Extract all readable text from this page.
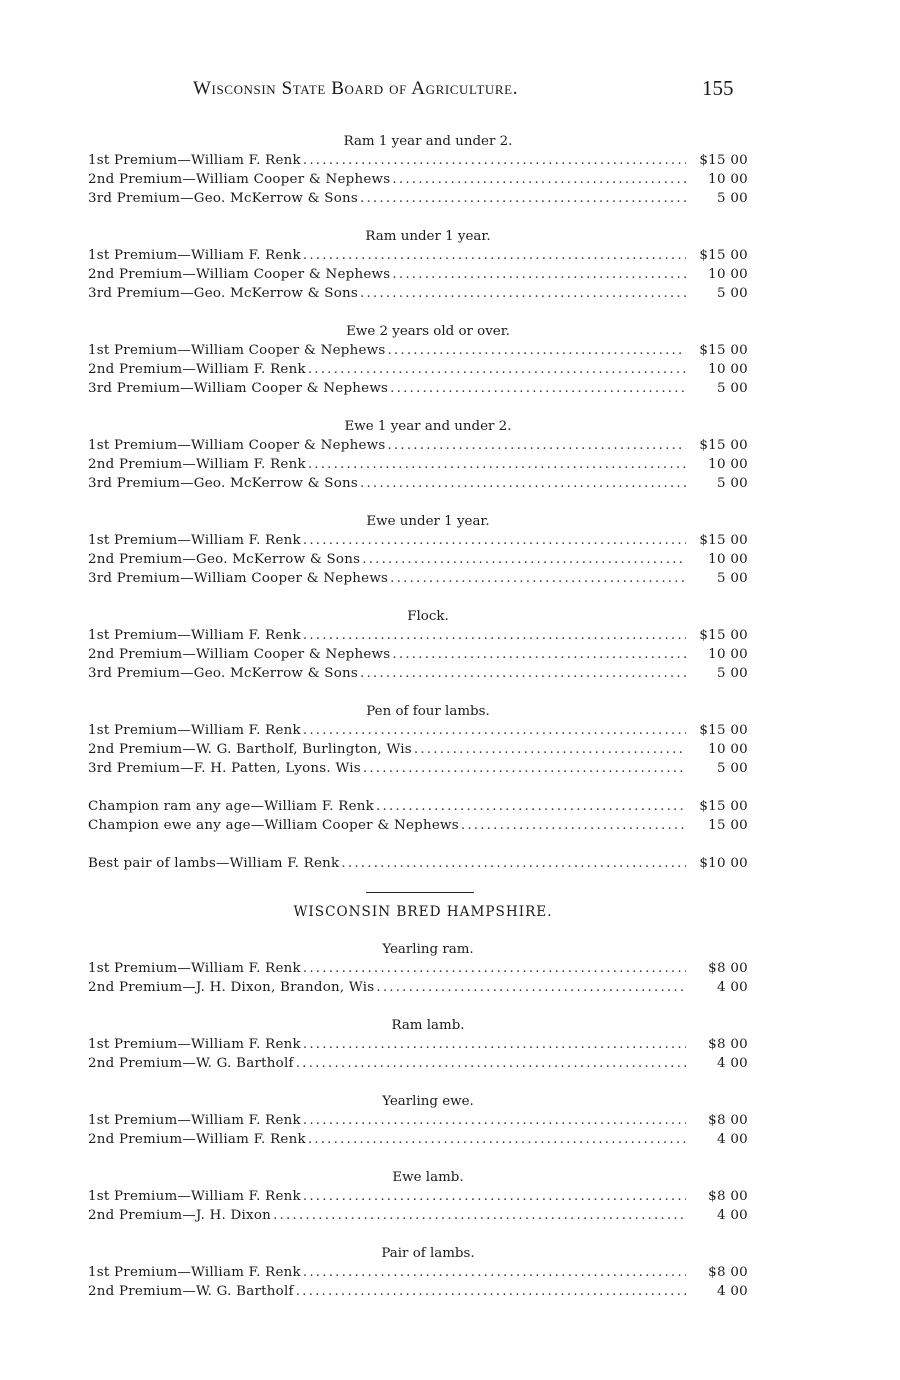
Wisconsin State Board of Agriculture.	155
Ram 1 year and under 2.
1st Premium—William F. Renk .....	$15 00
2nd Premium—William Cooper & Nephews .....	10 00
3rd Premium—Geo. McKerrow & Sons .....	5 00
Ram under 1 year.
1st Premium—William F. Renk .....	$15 00
2nd Premium—William Cooper & Nephews .....	10 00
3rd Premium—Geo. McKerrow & Sons .....	5 00
Ewe 2 years old or over.
1st Premium—William Cooper & Nephews .....	$15 00
2nd Premium—William F. Renk .....	10 00
3rd Premium—William Cooper & Nephews .....	5 00
Ewe 1 year and under 2.
1st Premium—William Cooper & Nephews .....	$15 00
2nd Premium—William F. Renk .....	10 00
3rd Premium—Geo. McKerrow & Sons .....	5 00
Ewe under 1 year.
1st Premium—William F. Renk .....	$15 00
2nd Premium—Geo. McKerrow & Sons .....	10 00
3rd Premium—William Cooper & Nephews .....	5 00
Flock.
1st Premium—William F. Renk .....	$15 00
2nd Premium—William Cooper & Nephews .....	10 00
3rd Premium—Geo. McKerrow & Sons .....	5 00
Pen of four lambs.
1st Premium—William F. Renk .....	$15 00
2nd Premium—W. G. Bartholf, Burlington, Wis .....	10 00
3rd Premium—F. H. Patten, Lyons. Wis .....	5 00
Champion ram any age—William F. Renk .....	$15 00
Champion ewe any age—William Cooper & Nephews .....	15 00
Best pair of lambs—William F. Renk .....	$10 00
WISCONSIN BRED HAMPSHIRE.
Yearling ram.
1st Premium—William F. Renk .....	$8 00
2nd Premium—J. H. Dixon, Brandon, Wis .....	4 00
Ram lamb.
1st Premium—William F. Renk .....	$8 00
2nd Premium—W. G. Bartholf .....	4 00
Yearling ewe.
1st Premium—William F. Renk .....	$8 00
2nd Premium—William F. Renk .....	4 00
Ewe lamb.
1st Premium—William F. Renk .....	$8 00
2nd Premium—J. H. Dixon .....	4 00
Pair of lambs.
1st Premium—William F. Renk .....	$8 00
2nd Premium—W. G. Bartholf .....	4 00
